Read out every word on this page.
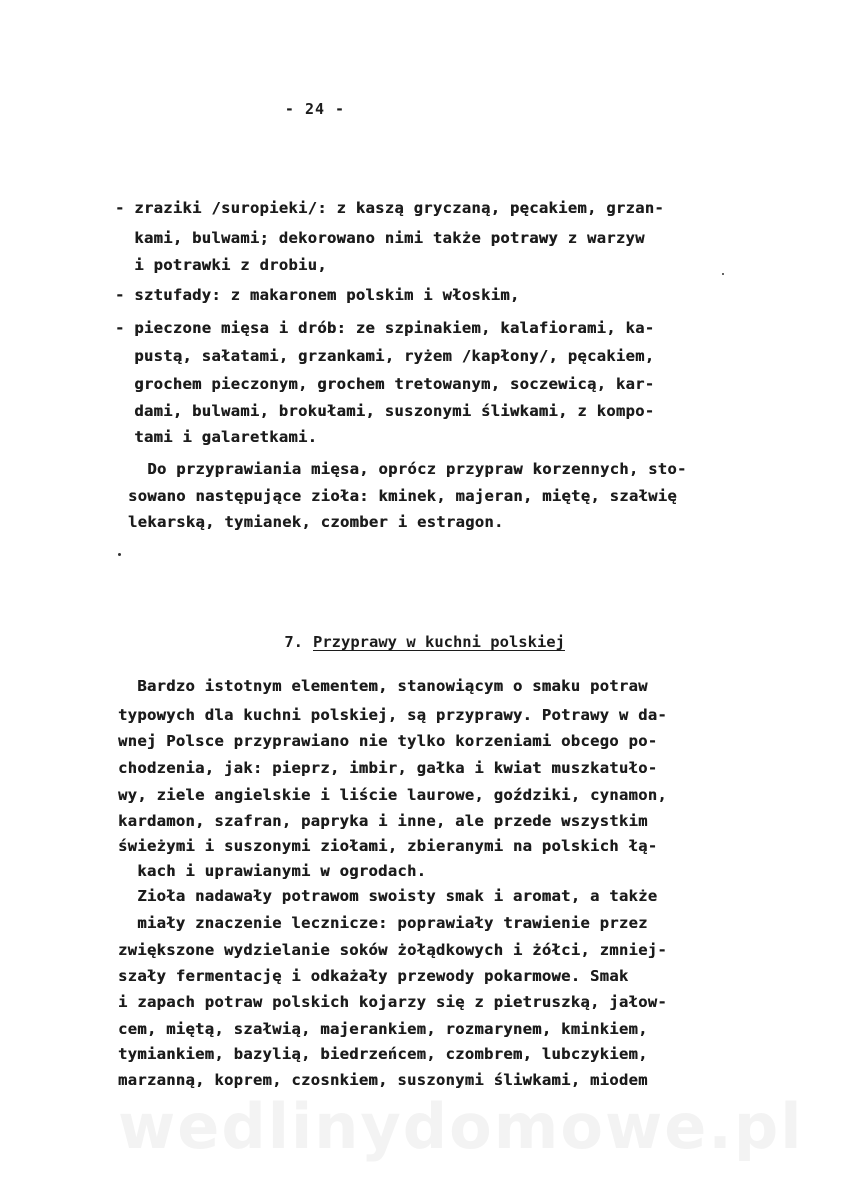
- 24 -
- zraziki /suropieki/: z kaszą gryczaną, pęcakiem, grzan-
kami, bulwami; dekorowano nimi także potrawy z warzyw
i potrawki z drobiu,
- sztufady: z makaronem polskim i włoskim,
- pieczone mięsa i drób: ze szpinakiem, kalafiorami, ka-
pustą, sałatami, grzankami, ryżem /kapłony/, pęcakiem,
grochem pieczonym, grochem tretowanym, soczewicą, kar-
dami, bulwami, brokułami, suszonymi śliwkami, z kompo-
tami i galaretkami.
Do przyprawiania mięsa, oprócz przypraw korzennych, sto-
sowano następujące zioła: kminek, majeran, miętę, szałwię
lekarską, tymianek, czomber i estragon.
Bardzo istotnym elementem, stanowiącym o smaku potraw
typowych dla kuchni polskiej, są przyprawy. Potrawy w da-
wnej Polsce przyprawiano nie tylko korzeniami obcego po-
chodzenia, jak: pieprz, imbir, gałka i kwiat muszkatuło-
wy, ziele angielskie i liście laurowe, goździki, cynamon,
kardamon, szafran, papryka i inne, ale przede wszystkim
świeżymi i suszonymi ziołami, zbieranymi na polskich łą-
kach i uprawianymi w ogrodach.
Zioła nadawały potrawom swoisty smak i aromat, a także
miały znaczenie lecznicze: poprawiały trawienie przez
zwiększone wydzielanie soków żołądkowych i żółci, zmniej-
szały fermentację i odkażały przewody pokarmowe. Smak
i zapach potraw polskich kojarzy się z pietruszką, jałow-
cem, miętą, szałwią, majerankiem, rozmarynem, kminkiem,
tymiankiem, bazylią, biedrzeńcem, czombrem, lubczykiem,
marzanną, koprem, czosnkiem, suszonymi śliwkami, miodem

7. Przyprawy w kuchni polskiej

wedlinydomowe.pl
